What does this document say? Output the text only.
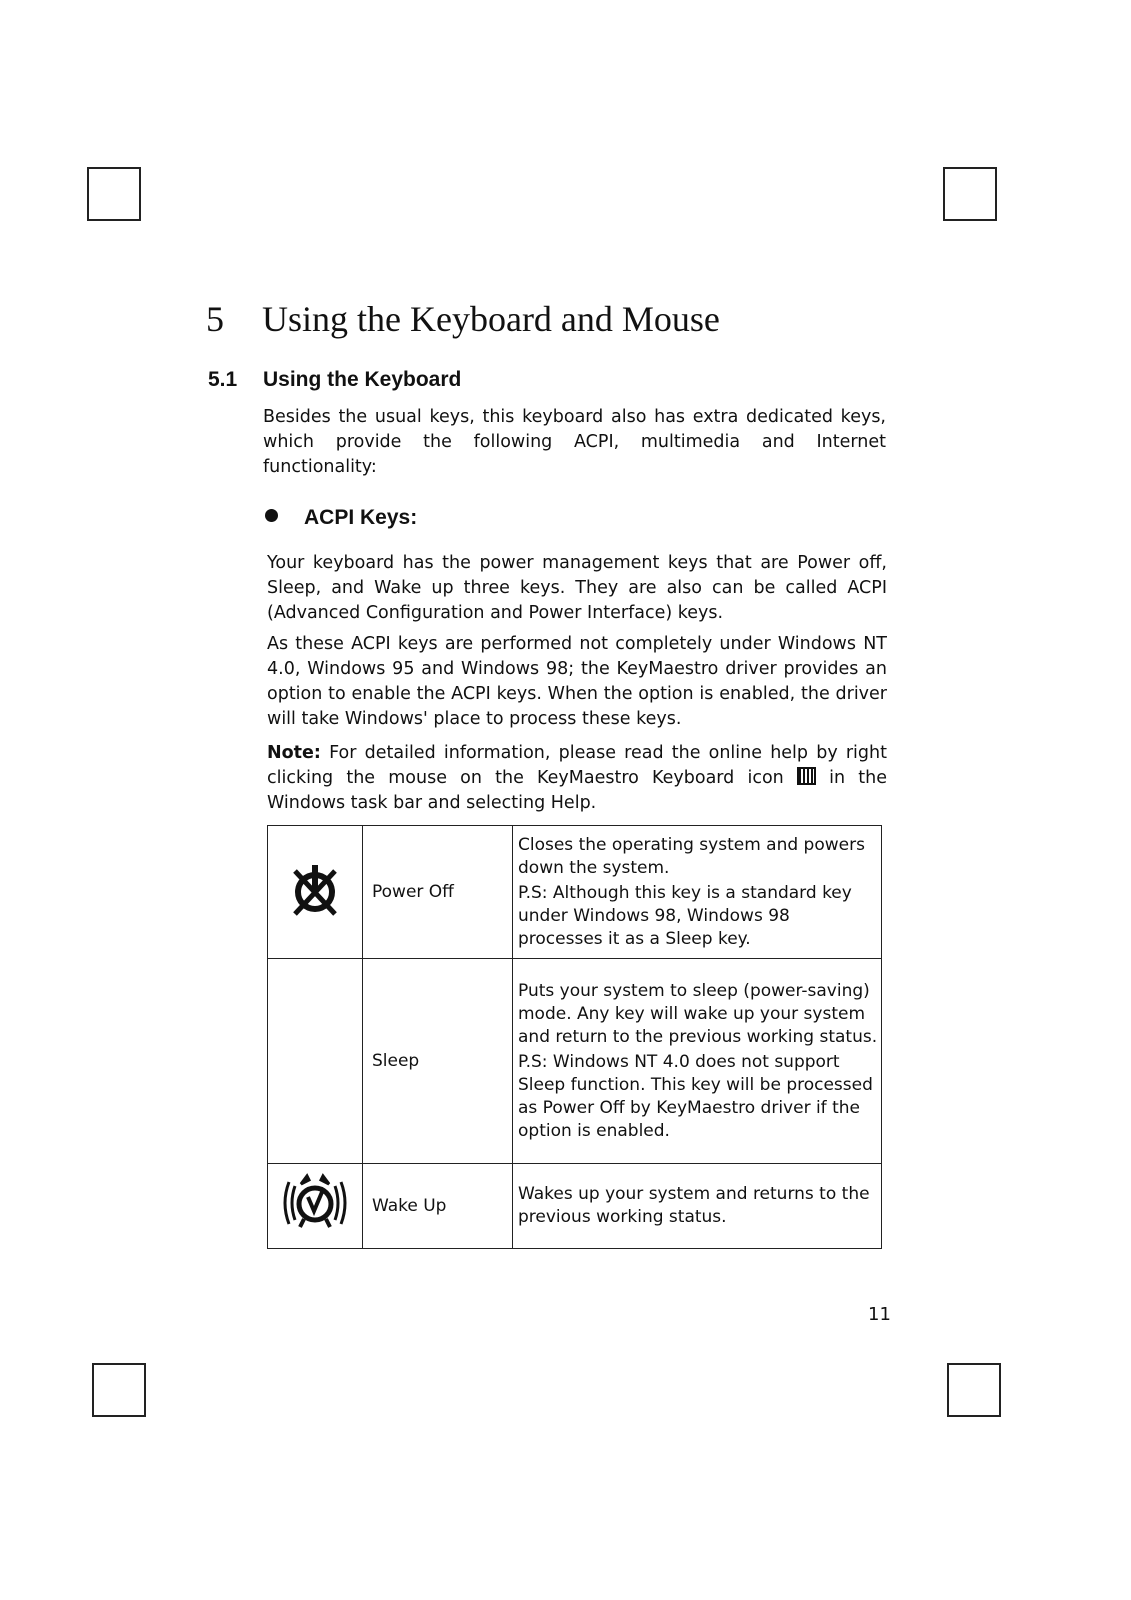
5 Using the Keyboard and Mouse
5.1 Using the Keyboard
Besides the usual keys, this keyboard also has extra dedicated keys, which provide the following ACPI, multimedia and Internet functionality:
ACPI Keys:
Your keyboard has the power management keys that are Power off, Sleep, and Wake up three keys. They are also can be called ACPI (Advanced Configuration and Power Interface) keys.
As these ACPI keys are performed not completely under Windows NT 4.0, Windows 95 and Windows 98; the KeyMaestro driver provides an option to enable the ACPI keys. When the option is enabled, the driver will take Windows' place to process these keys.
Note: For detailed information, please read the online help by right clicking the mouse on the KeyMaestro Keyboard icon  in the Windows task bar and selecting Help.
	Power Off	Closes the operating system and powers down the system.

P.S: Although this key is a standard key under Windows 98, Windows 98 processes it as a Sleep key.

	Sleep	Puts your system to sleep (power-saving) mode. Any key will wake up your system and return to the previous working status.

P.S: Windows NT 4.0 does not support Sleep function. This key will be processed as Power Off by KeyMaestro driver if the option is enabled.

	Wake Up	Wakes up your system and returns to the previous working status.

11
